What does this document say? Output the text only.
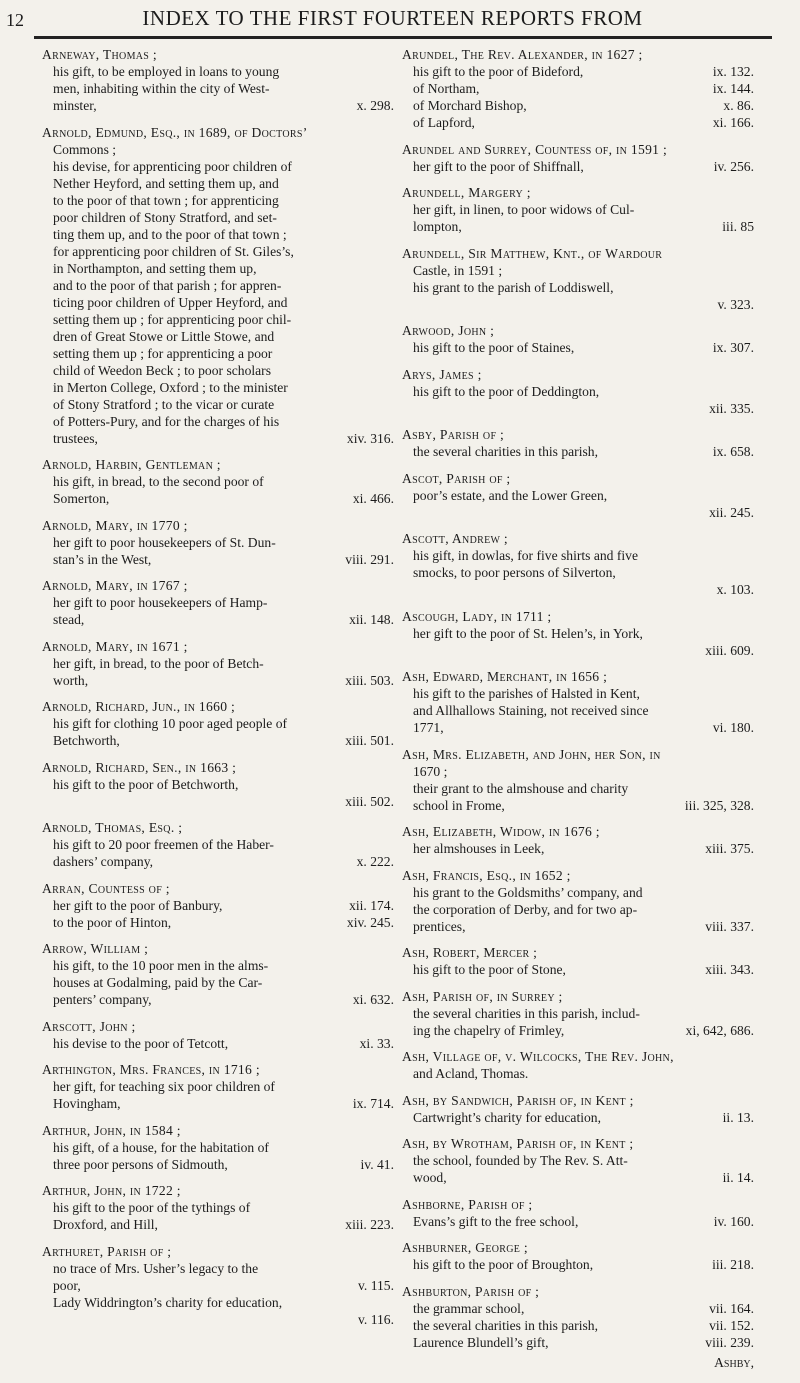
12	INDEX TO THE FIRST FOURTEEN REPORTS FROM
Arneway, Thomas ;
his gift, to be employed in loans to young
men, inhabiting within the city of West-
minster,	x. 298.
Arnold, Edmund, Esq., in 1689, of Doctors’
Commons ;
his devise, for apprenticing poor children of
Nether Heyford, and setting them up, and
to the poor of that town ; for apprenticing
poor children of Stony Stratford, and set-
ting them up, and to the poor of that town ;
for apprenticing poor children of St. Giles’s,
in Northampton, and setting them up,
and to the poor of that parish ; for appren-
ticing poor children of Upper Heyford, and
setting them up ; for apprenticing poor chil-
dren of Great Stowe or Little Stowe, and
setting them up ; for apprenticing a poor
child of Weedon Beck ; to poor scholars
in Merton College, Oxford ; to the minister
of Stony Stratford ; to the vicar or curate
of Potters-Pury, and for the charges of his
trustees,	xiv. 316.
Arnold, Harbin, Gentleman ;
his gift, in bread, to the second poor of
Somerton,	xi. 466.
Arnold, Mary, in 1770 ;
her gift to poor housekeepers of St. Dun-
stan’s in the West,	viii. 291.
Arnold, Mary, in 1767 ;
her gift to poor housekeepers of Hamp-
stead,	xii. 148.
Arnold, Mary, in 1671 ;
her gift, in bread, to the poor of Betch-
worth,	xiii. 503.
Arnold, Richard, Jun., in 1660 ;
his gift for clothing 10 poor aged people of
Betchworth,	xiii. 501.
Arnold, Richard, Sen., in 1663 ;
his gift to the poor of Betchworth,
xiii. 502.
Arnold, Thomas, Esq. ;
his gift to 20 poor freemen of the Haber-
dashers’ company,	x. 222.
Arran, Countess of ;
her gift to the poor of Banbury,	xii. 174.
to the poor of Hinton,	xiv. 245.
Arrow, William ;
his gift, to the 10 poor men in the alms-
houses at Godalming, paid by the Car-
penters’ company,	xi. 632.
Arscott, John ;
his devise to the poor of Tetcott,	xi. 33.
Arthington, Mrs. Frances, in 1716 ;
her gift, for teaching six poor children of
Hovingham,	ix. 714.
Arthur, John, in 1584 ;
his gift, of a house, for the habitation of
three poor persons of Sidmouth,	iv. 41.
Arthur, John, in 1722 ;
his gift to the poor of the tythings of
Droxford, and Hill,	xiii. 223.
Arthuret, Parish of ;
no trace of Mrs. Usher’s legacy to the
poor,	v. 115.
Lady Widdrington’s charity for education,
v. 116.
Arundel, The Rev. Alexander, in 1627 ;
his gift to the poor of Bideford,	ix. 132.
of Northam,	ix. 144.
of Morchard Bishop,	x. 86.
of Lapford,	xi. 166.
Arundel and Surrey, Countess of, in 1591 ;
her gift to the poor of Shiffnall,	iv. 256.
Arundell, Margery ;
her gift, in linen, to poor widows of Cul-
lompton,	iii. 85
Arundell, Sir Matthew, Knt., of Wardour
Castle, in 1591 ;
his grant to the parish of Loddiswell,
v. 323.
Arwood, John ;
his gift to the poor of Staines,	ix. 307.
Arys, James ;
his gift to the poor of Deddington,
xii. 335.
Asby, Parish of ;
the several charities in this parish,	ix. 658.
Ascot, Parish of ;
poor’s estate, and the Lower Green,
xii. 245.
Ascott, Andrew ;
his gift, in dowlas, for five shirts and five
smocks, to poor persons of Silverton,
x. 103.
Ascough, Lady, in 1711 ;
her gift to the poor of St. Helen’s, in York,
xiii. 609.
Ash, Edward, Merchant, in 1656 ;
his gift to the parishes of Halsted in Kent,
and Allhallows Staining, not received since
1771,	vi. 180.
Ash, Mrs. Elizabeth, and John, her Son, in
1670 ;
their grant to the almshouse and charity
school in Frome,	iii. 325, 328.
Ash, Elizabeth, Widow, in 1676 ;
her almshouses in Leek,	xiii. 375.
Ash, Francis, Esq., in 1652 ;
his grant to the Goldsmiths’ company, and
the corporation of Derby, and for two ap-
prentices,	viii. 337.
Ash, Robert, Mercer ;
his gift to the poor of Stone,	xiii. 343.
Ash, Parish of, in Surrey ;
the several charities in this parish, includ-
ing the chapelry of Frimley,	xi, 642, 686.
Ash, Village of, v. Wilcocks, The Rev. John,
and Acland, Thomas.
Ash, by Sandwich, Parish of, in Kent ;
Cartwright’s charity for education,	ii. 13.
Ash, by Wrotham, Parish of, in Kent ;
the school, founded by The Rev. S. Att-
wood,	ii. 14.
Ashborne, Parish of ;
Evans’s gift to the free school,	iv. 160.
Ashburner, George ;
his gift to the poor of Broughton,	iii. 218.
Ashburton, Parish of ;
the grammar school,	vii. 164.
the several charities in this parish,	vii. 152.
Laurence Blundell’s gift,	viii. 239.
Ashby,
